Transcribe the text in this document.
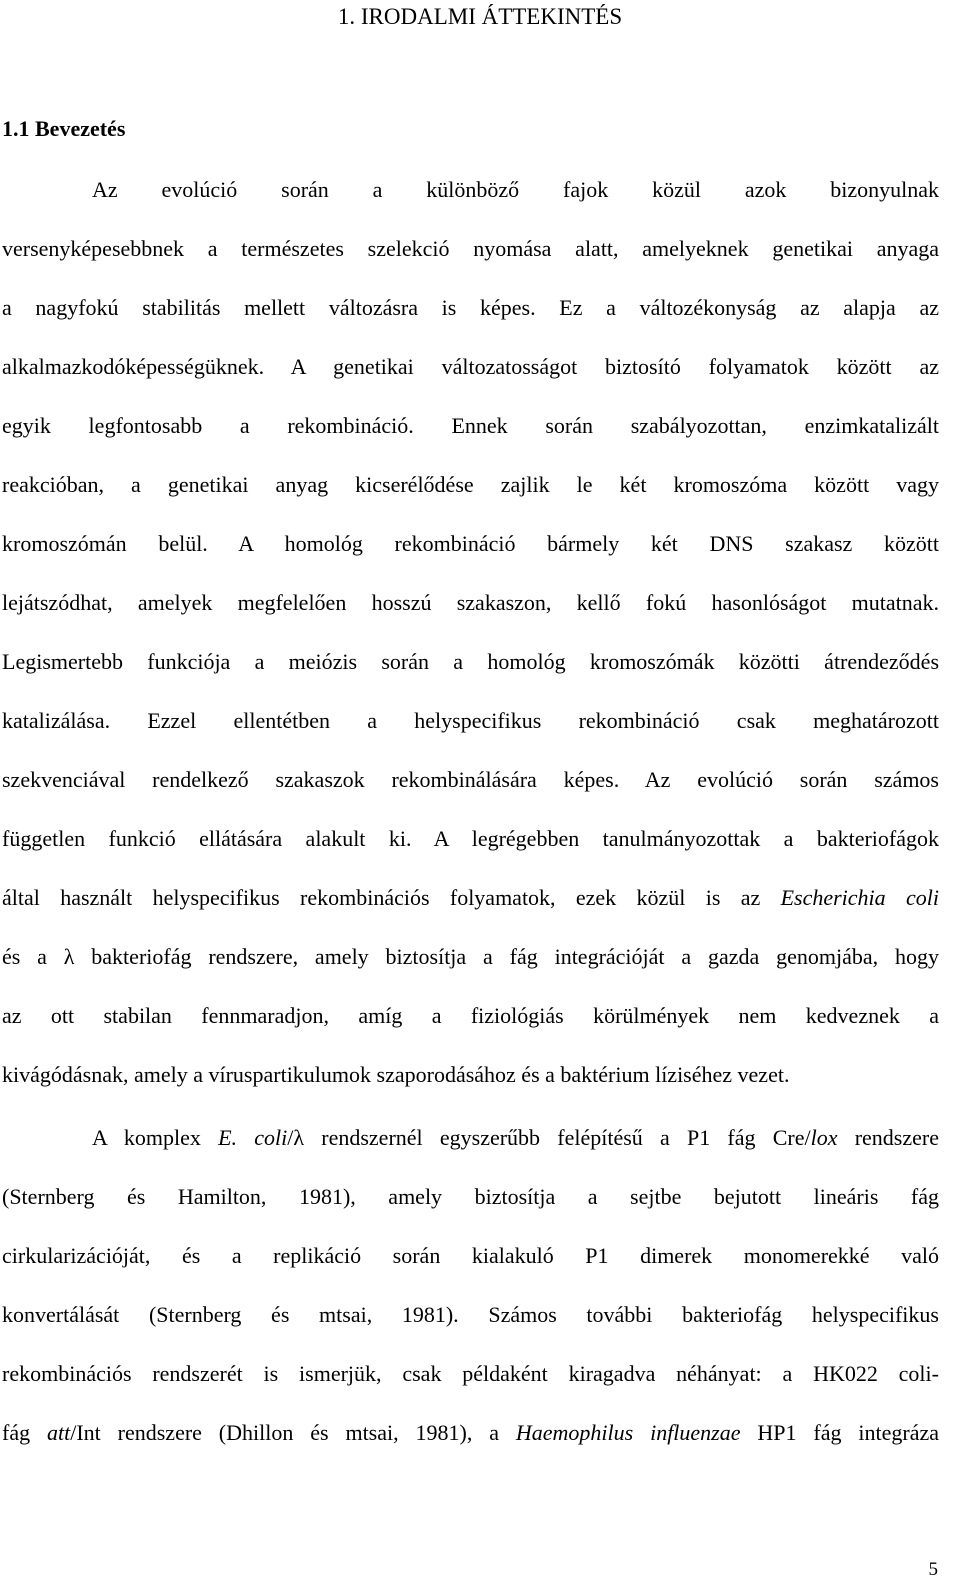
1. IRODALMI ÁTTEKINTÉS
1.1 Bevezetés
Az evolúció során a különböző fajok közül azok bizonyulnak
versenyképesebbnek a természetes szelekció nyomása alatt, amelyeknek genetikai anyaga
a nagyfokú stabilitás mellett változásra is képes. Ez a változékonyság az alapja az
alkalmazkodóképességüknek. A genetikai változatosságot biztosító folyamatok között az
egyik legfontosabb a rekombináció. Ennek során szabályozottan, enzimkatalizált
reakcióban, a genetikai anyag kicserélődése zajlik le két kromoszóma között vagy
kromoszómán belül. A homológ rekombináció bármely két DNS szakasz között
lejátszódhat, amelyek megfelelően hosszú szakaszon, kellő fokú hasonlóságot mutatnak.
Legismertebb funkciója a meiózis során a homológ kromoszómák közötti átrendeződés
katalizálása. Ezzel ellentétben a helyspecifikus rekombináció csak meghatározott
szekvenciával rendelkező szakaszok rekombinálására képes. Az evolúció során számos
független funkció ellátására alakult ki. A legrégebben tanulmányozottak a bakteriofágok
által használt helyspecifikus rekombinációs folyamatok, ezek közül is az Escherichia coli
és a λ bakteriofág rendszere, amely biztosítja a fág integrációját a gazda genomjába, hogy
az ott stabilan fennmaradjon, amíg a fiziológiás körülmények nem kedveznek a
kivágódásnak, amely a víruspartikulumok szaporodásához és a baktérium líziséhez vezet.
A komplex E. coli/λ rendszernél egyszerűbb felépítésű a P1 fág Cre/lox rendszere
(Sternberg és Hamilton, 1981), amely biztosítja a sejtbe bejutott lineáris fág
cirkularizációját, és a replikáció során kialakuló P1 dimerek monomerekké való
konvertálását (Sternberg és mtsai, 1981). Számos további bakteriofág helyspecifikus
rekombinációs rendszerét is ismerjük, csak példaként kiragadva néhányat: a HK022 coli-
fág att/Int rendszere (Dhillon és mtsai, 1981), a Haemophilus influenzae HP1 fág integráza
5
